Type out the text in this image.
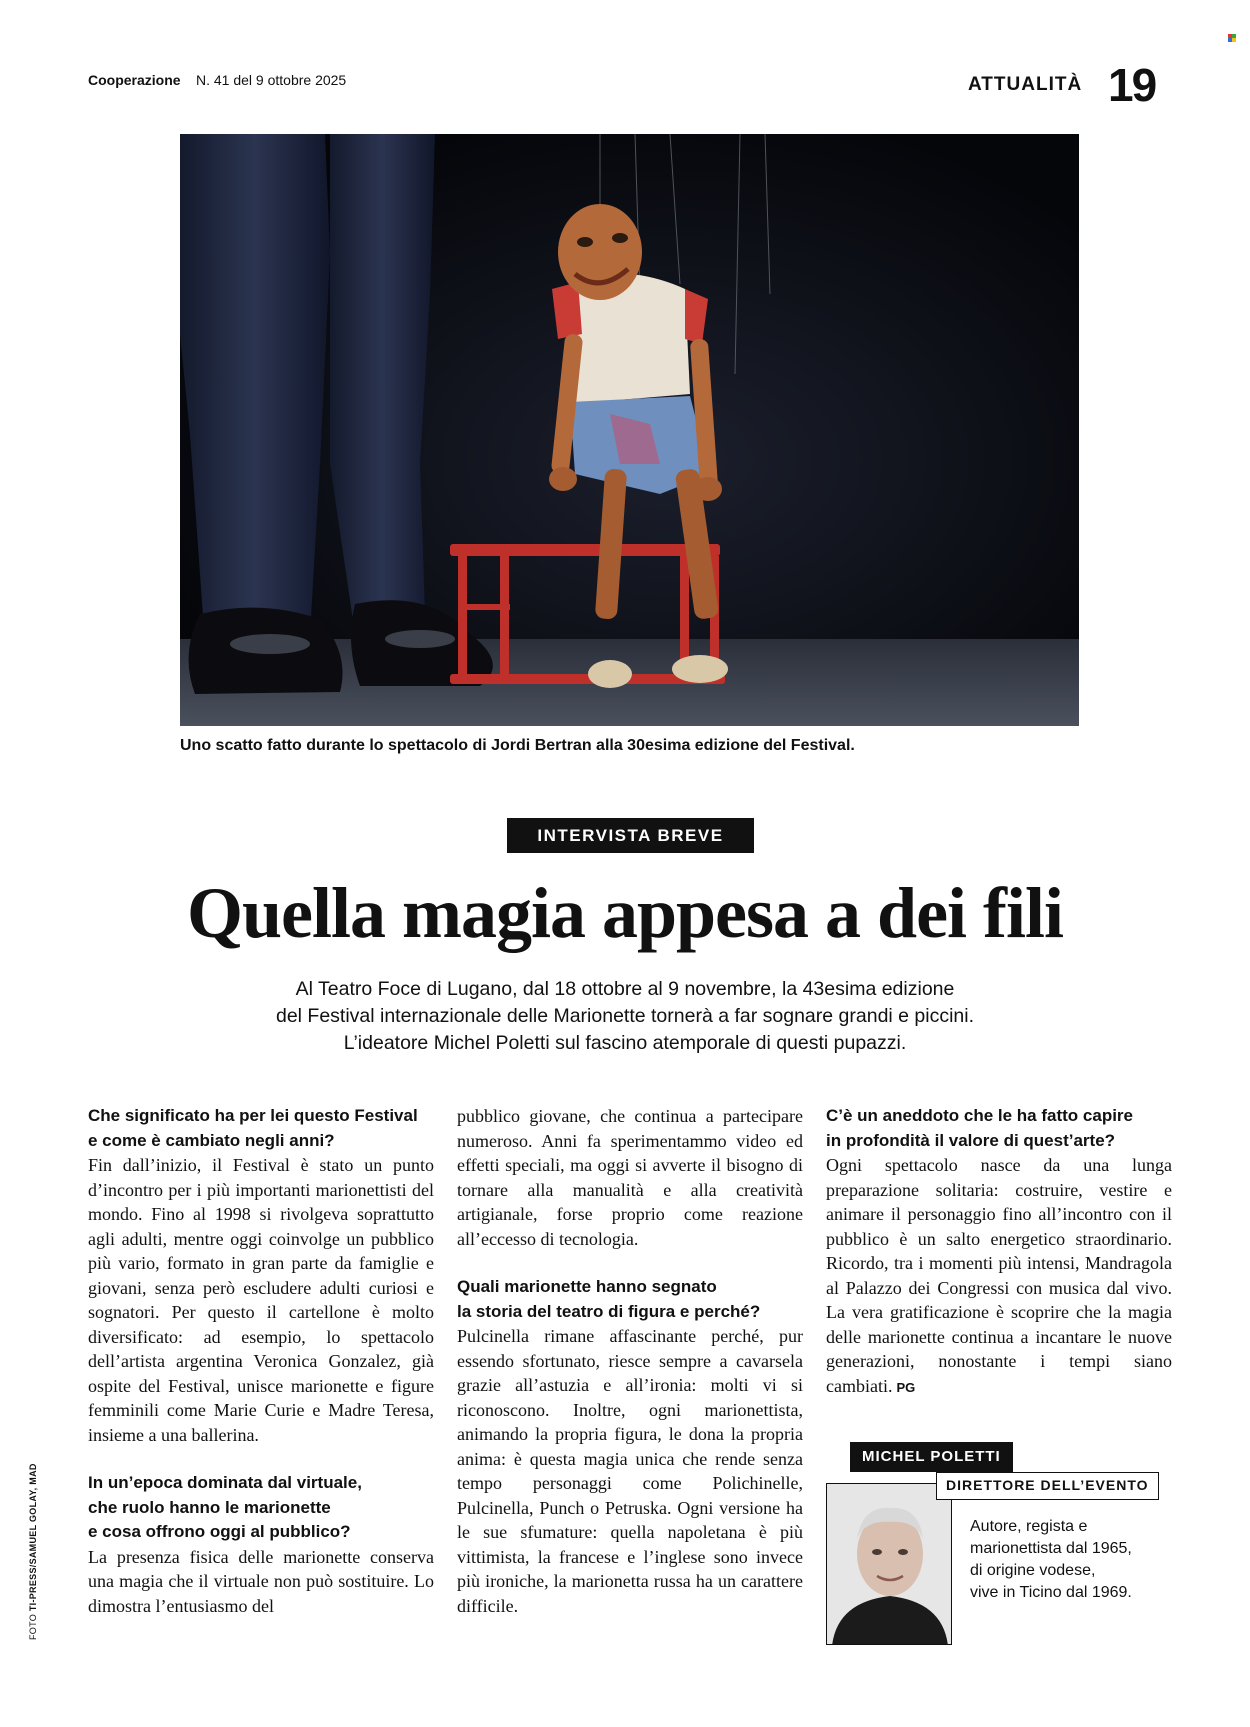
Cooperazione N. 41 del 9 ottobre 2025	ATTUALITÀ 19
Uno scatto fatto durante lo spettacolo di Jordi Bertran alla 30esima edizione del Festival.
INTERVISTA BREVE
Quella magia appesa a dei fili
Al Teatro Foce di Lugano, dal 18 ottobre al 9 novembre, la 43esima edizione
del Festival internazionale delle Marionette tornerà a far sognare grandi e piccini.
L’ideatore Michel Poletti sul fascino atemporale di questi pupazzi.
Che significato ha per lei questo Festival
e come è cambiato negli anni?

Fin dall’inizio, il Festival è stato un punto d’incontro per i più importanti marionettisti del mondo. Fino al 1998 si rivolgeva soprattutto agli adulti, mentre oggi coinvolge un pubblico più vario, formato in gran parte da famiglie e giovani, senza però escludere adulti curiosi e sognatori. Per questo il cartellone è molto diversificato: ad esempio, lo spettacolo dell’artista argentina Veronica Gonzalez, già ospite del Festival, unisce marionette e figure femminili come Marie Curie e Madre Teresa, insieme a una ballerina.

In un’epoca dominata dal virtuale,
che ruolo hanno le marionette
e cosa offrono oggi al pubblico?

La presenza fisica delle marionette conserva una magia che il virtuale non può sostituire. Lo dimostra l’entusiasmo del

pubblico giovane, che continua a partecipare numeroso. Anni fa sperimentammo video ed effetti speciali, ma oggi si avverte il bisogno di tornare alla manualità e alla creatività artigianale, forse proprio come reazione all’eccesso di tecnologia.

Quali marionette hanno segnato
la storia del teatro di figura e perché?

Pulcinella rimane affascinante perché, pur essendo sfortunato, riesce sempre a cavarsela grazie all’astuzia e all’ironia: molti vi si riconoscono. Inoltre, ogni marionettista, animando la propria figura, le dona la propria anima: è questa magia unica che rende senza tempo personaggi come Polichinelle, Pulcinella, Punch o Petruska. Ogni versione ha le sue sfumature: quella napoletana è più vittimista, la francese e l’inglese sono invece più ironiche, la marionetta russa ha un carattere difficile.

C’è un aneddoto che le ha fatto capire
in profondità il valore di quest’arte?

Ogni spettacolo nasce da una lunga preparazione solitaria: costruire, vestire e animare il personaggio fino all’incontro con il pubblico è un salto energetico straordinario. Ricordo, tra i momenti più intensi, Mandragola al Palazzo dei Congressi con musica dal vivo. La vera gratificazione è scoprire che la magia delle marionette continua a incantare le nuove generazioni, nonostante i tempi siano cambiati. PG

FOTO TI-PRESS/SAMUEL GOLAY, MAD
MICHEL POLETTI
DIRETTORE DELL’EVENTO
Autore, regista e
marionettista dal 1965,
di origine vodese,
vive in Ticino dal 1969.
